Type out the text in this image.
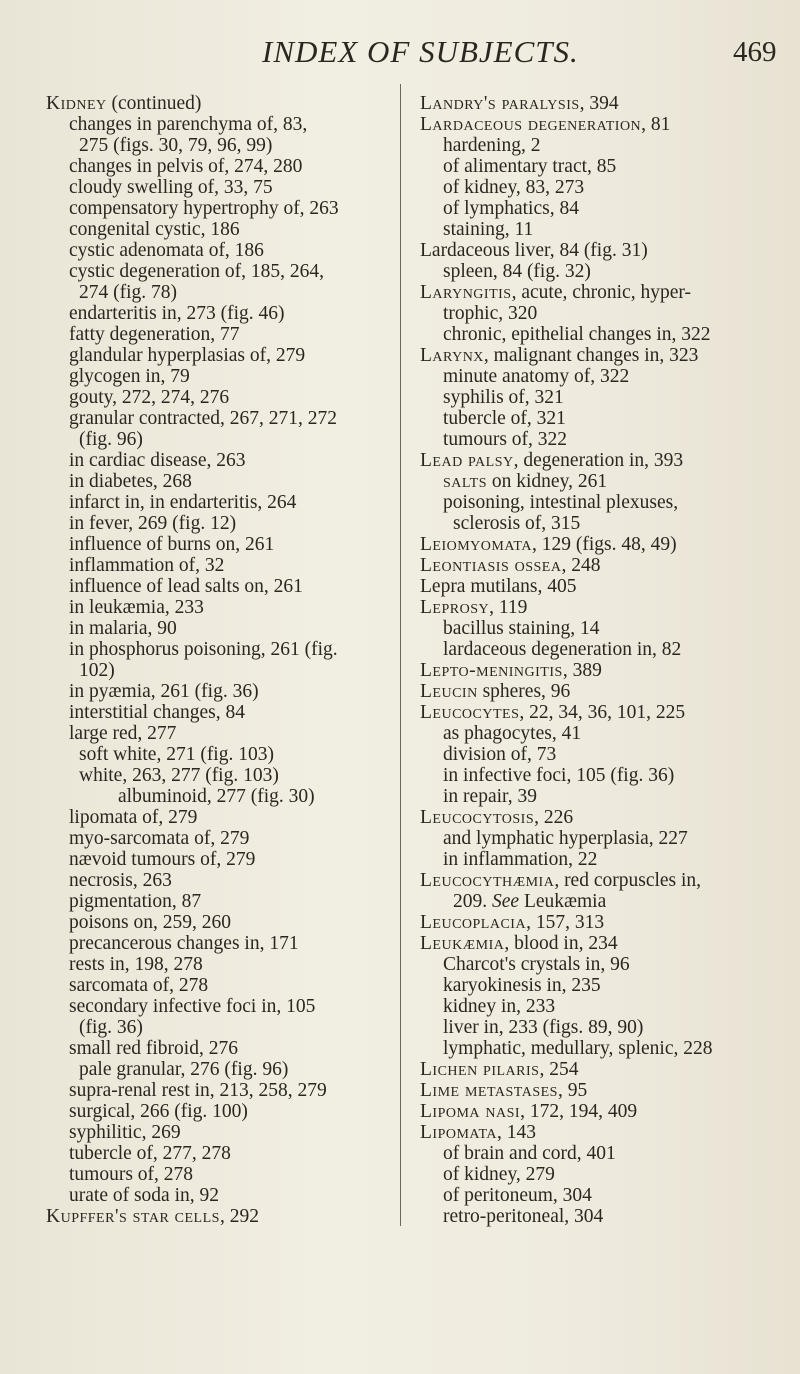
INDEX OF SUBJECTS.	469
Kidney (continued)
changes in parenchyma of, 83,
275 (figs. 30, 79, 96, 99)
changes in pelvis of, 274, 280
cloudy swelling of, 33, 75
compensatory hypertrophy of, 263
congenital cystic, 186
cystic adenomata of, 186
cystic degeneration of, 185, 264,
274 (fig. 78)
endarteritis in, 273 (fig. 46)
fatty degeneration, 77
glandular hyperplasias of, 279
glycogen in, 79
gouty, 272, 274, 276
granular contracted, 267, 271, 272
(fig. 96)
in cardiac disease, 263
in diabetes, 268
infarct in, in endarteritis, 264
in fever, 269 (fig. 12)
influence of burns on, 261
inflammation of, 32
influence of lead salts on, 261
in leukæmia, 233
in malaria, 90
in phosphorus poisoning, 261 (fig.
102)
in pyæmia, 261 (fig. 36)
interstitial changes, 84
large red, 277
soft white, 271 (fig. 103)
white, 263, 277 (fig. 103)
albuminoid, 277 (fig. 30)
lipomata of, 279
myo-sarcomata of, 279
nævoid tumours of, 279
necrosis, 263
pigmentation, 87
poisons on, 259, 260
precancerous changes in, 171
rests in, 198, 278
sarcomata of, 278
secondary infective foci in, 105
(fig. 36)
small red fibroid, 276
pale granular, 276 (fig. 96)
supra-renal rest in, 213, 258, 279
surgical, 266 (fig. 100)
syphilitic, 269
tubercle of, 277, 278
tumours of, 278
urate of soda in, 92
Kupffer's star cells, 292
Landry's paralysis, 394
Lardaceous degeneration, 81
hardening, 2
of alimentary tract, 85
of kidney, 83, 273
of lymphatics, 84
staining, 11
Lardaceous liver, 84 (fig. 31)
spleen, 84 (fig. 32)
Laryngitis, acute, chronic, hyper-
trophic, 320
chronic, epithelial changes in, 322
Larynx, malignant changes in, 323
minute anatomy of, 322
syphilis of, 321
tubercle of, 321
tumours of, 322
Lead palsy, degeneration in, 393
salts on kidney, 261
poisoning, intestinal plexuses,
sclerosis of, 315
Leiomyomata, 129 (figs. 48, 49)
Leontiasis ossea, 248
Lepra mutilans, 405
Leprosy, 119
bacillus staining, 14
lardaceous degeneration in, 82
Lepto-meningitis, 389
Leucin spheres, 96
Leucocytes, 22, 34, 36, 101, 225
as phagocytes, 41
division of, 73
in infective foci, 105 (fig. 36)
in repair, 39
Leucocytosis, 226
and lymphatic hyperplasia, 227
in inflammation, 22
Leucocythæmia, red corpuscles in,
209. See Leukæmia
Leucoplacia, 157, 313
Leukæmia, blood in, 234
Charcot's crystals in, 96
karyokinesis in, 235
kidney in, 233
liver in, 233 (figs. 89, 90)
lymphatic, medullary, splenic, 228
Lichen pilaris, 254
Lime metastases, 95
Lipoma nasi, 172, 194, 409
Lipomata, 143
of brain and cord, 401
of kidney, 279
of peritoneum, 304
retro-peritoneal, 304
